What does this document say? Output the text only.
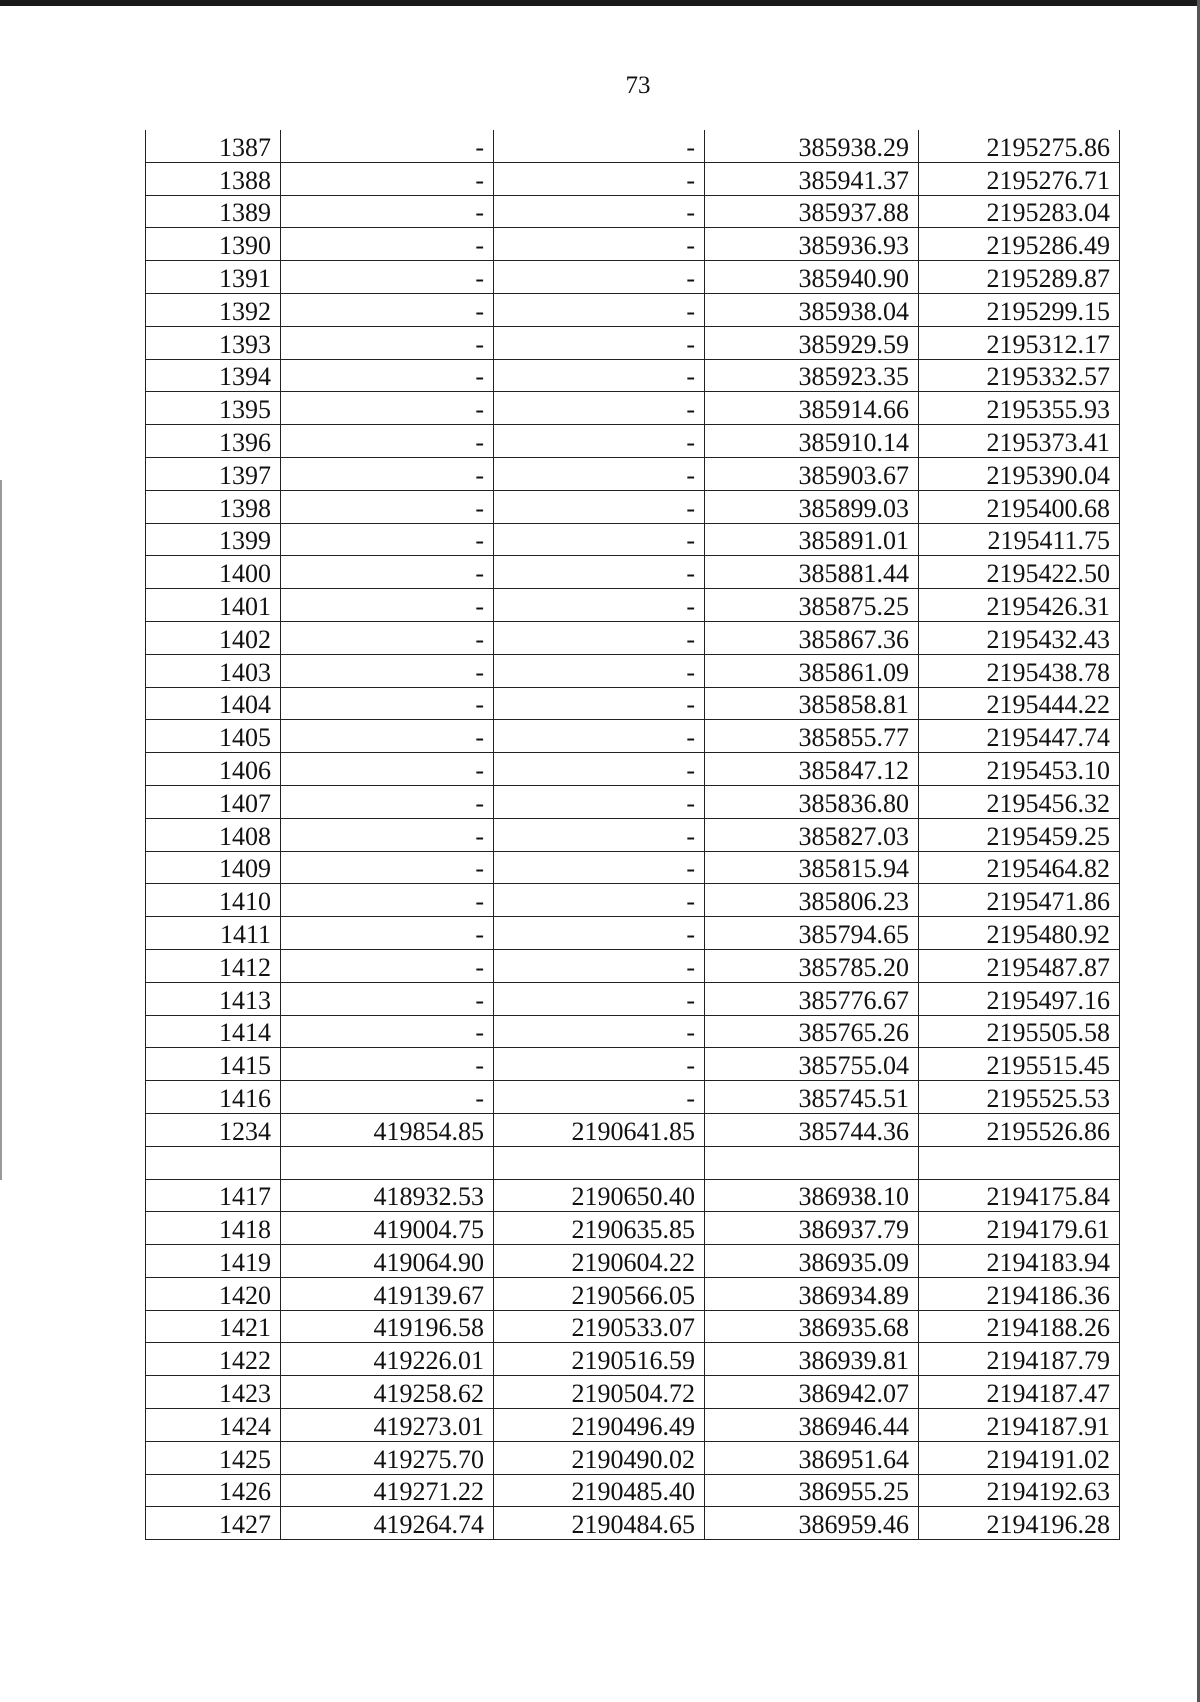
73
1387	-	-	385938.29	2195275.86
1388	-	-	385941.37	2195276.71
1389	-	-	385937.88	2195283.04
1390	-	-	385936.93	2195286.49
1391	-	-	385940.90	2195289.87
1392	-	-	385938.04	2195299.15
1393	-	-	385929.59	2195312.17
1394	-	-	385923.35	2195332.57
1395	-	-	385914.66	2195355.93
1396	-	-	385910.14	2195373.41
1397	-	-	385903.67	2195390.04
1398	-	-	385899.03	2195400.68
1399	-	-	385891.01	2195411.75
1400	-	-	385881.44	2195422.50
1401	-	-	385875.25	2195426.31
1402	-	-	385867.36	2195432.43
1403	-	-	385861.09	2195438.78
1404	-	-	385858.81	2195444.22
1405	-	-	385855.77	2195447.74
1406	-	-	385847.12	2195453.10
1407	-	-	385836.80	2195456.32
1408	-	-	385827.03	2195459.25
1409	-	-	385815.94	2195464.82
1410	-	-	385806.23	2195471.86
1411	-	-	385794.65	2195480.92
1412	-	-	385785.20	2195487.87
1413	-	-	385776.67	2195497.16
1414	-	-	385765.26	2195505.58
1415	-	-	385755.04	2195515.45
1416	-	-	385745.51	2195525.53
1234	419854.85	2190641.85	385744.36	2195526.86

1417	418932.53	2190650.40	386938.10	2194175.84
1418	419004.75	2190635.85	386937.79	2194179.61
1419	419064.90	2190604.22	386935.09	2194183.94
1420	419139.67	2190566.05	386934.89	2194186.36
1421	419196.58	2190533.07	386935.68	2194188.26
1422	419226.01	2190516.59	386939.81	2194187.79
1423	419258.62	2190504.72	386942.07	2194187.47
1424	419273.01	2190496.49	386946.44	2194187.91
1425	419275.70	2190490.02	386951.64	2194191.02
1426	419271.22	2190485.40	386955.25	2194192.63
1427	419264.74	2190484.65	386959.46	2194196.28
